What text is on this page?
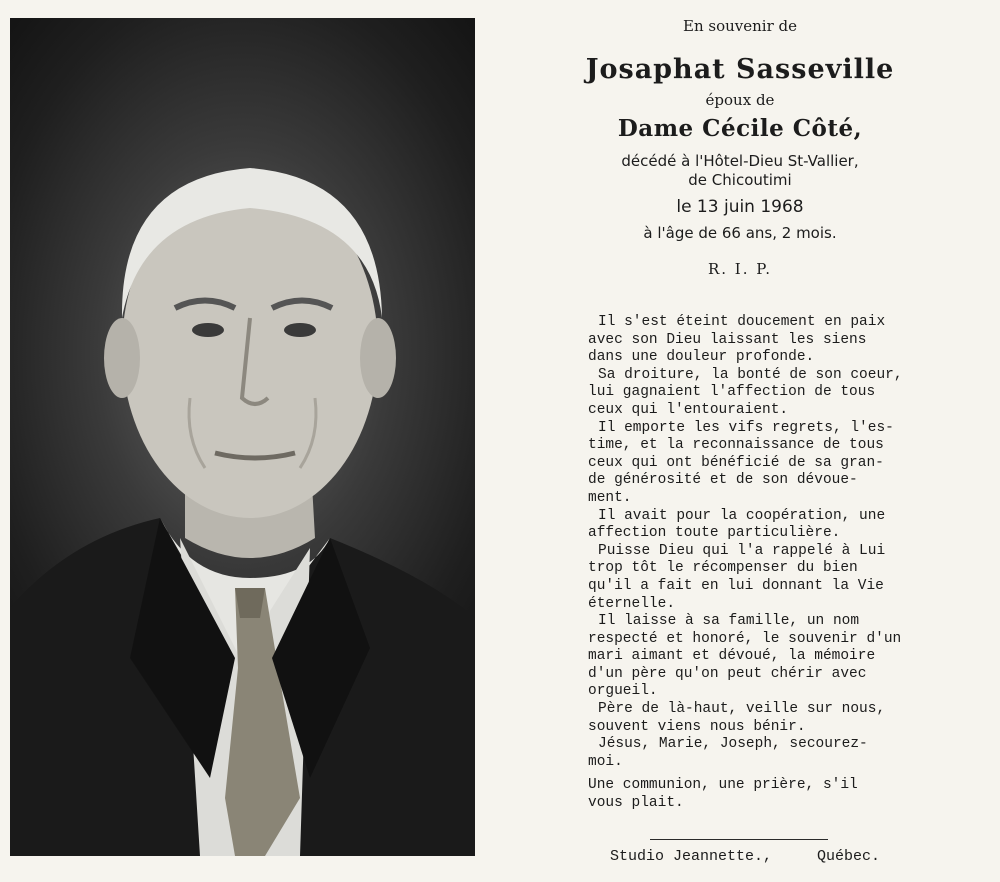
En souvenir de
Josaphat Sasseville
époux de
Dame Cécile Côté,
décédé à l'Hôtel-Dieu St-Vallier,
de Chicoutimi
le 13 juin 1968
à l'âge de 66 ans, 2 mois.
R. I. P.
Il s'est éteint doucement en paix
avec son Dieu laissant les siens
dans une douleur profonde.
Sa droiture, la bonté de son coeur,
lui gagnaient l'affection de tous
ceux qui l'entouraient.
Il emporte les vifs regrets, l'es-
time, et la reconnaissance de tous
ceux qui ont bénéficié de sa gran-
de générosité et de son dévoue-
ment.
Il avait pour la coopération, une
affection toute particulière.
Puisse Dieu qui l'a rappelé à Lui
trop tôt le récompenser du bien
qu'il a fait en lui donnant la Vie
éternelle.
Il laisse à sa famille, un nom
respecté et honoré, le souvenir d'un
mari aimant et dévoué, la mémoire
d'un père qu'on peut chérir avec
orgueil.
Père de là-haut, veille sur nous,
souvent viens nous bénir.
Jésus, Marie, Joseph, secourez-
moi.
Une communion, une prière, s'il
vous plait.
Studio Jeannette.,	Québec.
